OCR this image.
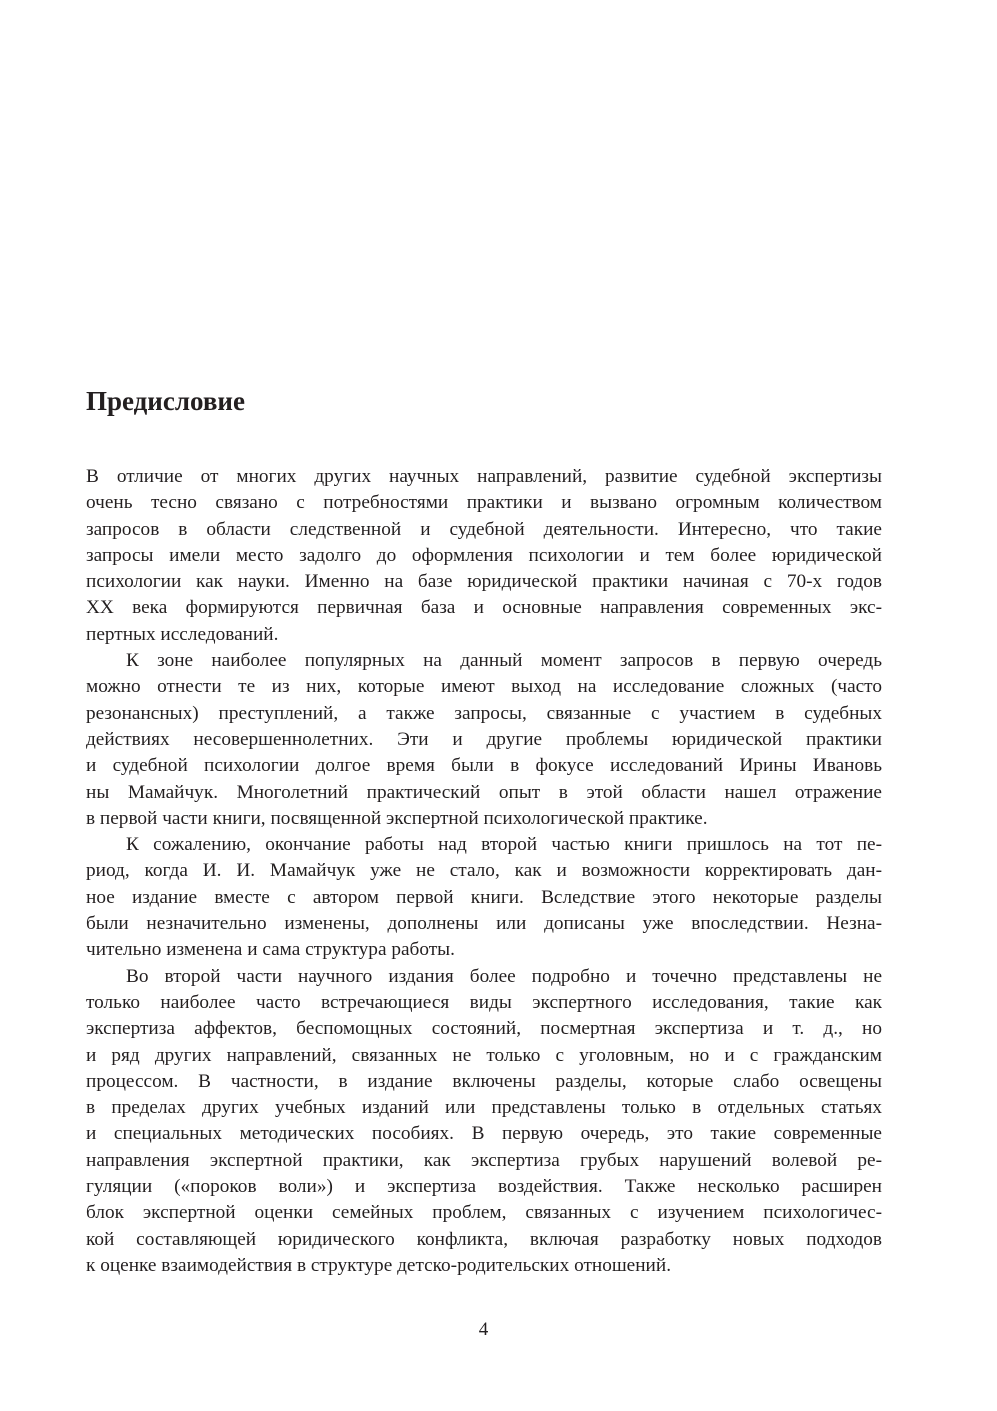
Предисловие
В отличие от многих других научных направлений, развитие судебной экспертизы
очень тесно связано с потребностями практики и вызвано огромным количеством
запросов в области следственной и судебной деятельности. Интересно, что такие
запросы имели место задолго до оформления психологии и тем более юридической
психологии как науки. Именно на базе юридической практики начиная с 70-х годов
XX века формируются первичная база и основные направления современных экс-
пертных исследований.
К зоне наиболее популярных на данный момент запросов в первую очередь
можно отнести те из них, которые имеют выход на исследование сложных (часто
резонансных) преступлений, а также запросы, связанные с участием в судебных
действиях несовершеннолетних. Эти и другие проблемы юридической практики
и судебной психологии долгое время были в фокусе исследований Ирины Ивановь
ны Мамайчук. Многолетний практический опыт в этой области нашел отражение
в первой части книги, посвященной экспертной психологической практике.
К сожалению, окончание работы над второй частью книги пришлось на тот пе-
риод, когда И. И. Мамайчук уже не стало, как и возможности корректировать дан-
ное издание вместе с автором первой книги. Вследствие этого некоторые разделы
были незначительно изменены, дополнены или дописаны уже впоследствии. Незна-
чительно изменена и сама структура работы.
Во второй части научного издания более подробно и точечно представлены не
только наиболее часто встречающиеся виды экспертного исследования, такие как
экспертиза аффектов, беспомощных состояний, посмертная экспертиза и т. д., но
и ряд других направлений, связанных не только с уголовным, но и с гражданским
процессом. В частности, в издание включены разделы, которые слабо освещены
в пределах других учебных изданий или представлены только в отдельных статьях
и специальных методических пособиях. В первую очередь, это такие современные
направления экспертной практики, как экспертиза грубых нарушений волевой ре-
гуляции («пороков воли») и экспертиза воздействия. Также несколько расширен
блок экспертной оценки семейных проблем, связанных с изучением психологичес-
кой составляющей юридического конфликта, включая разработку новых подходов
к оценке взаимодействия в структуре детско-родительских отношений.
4
